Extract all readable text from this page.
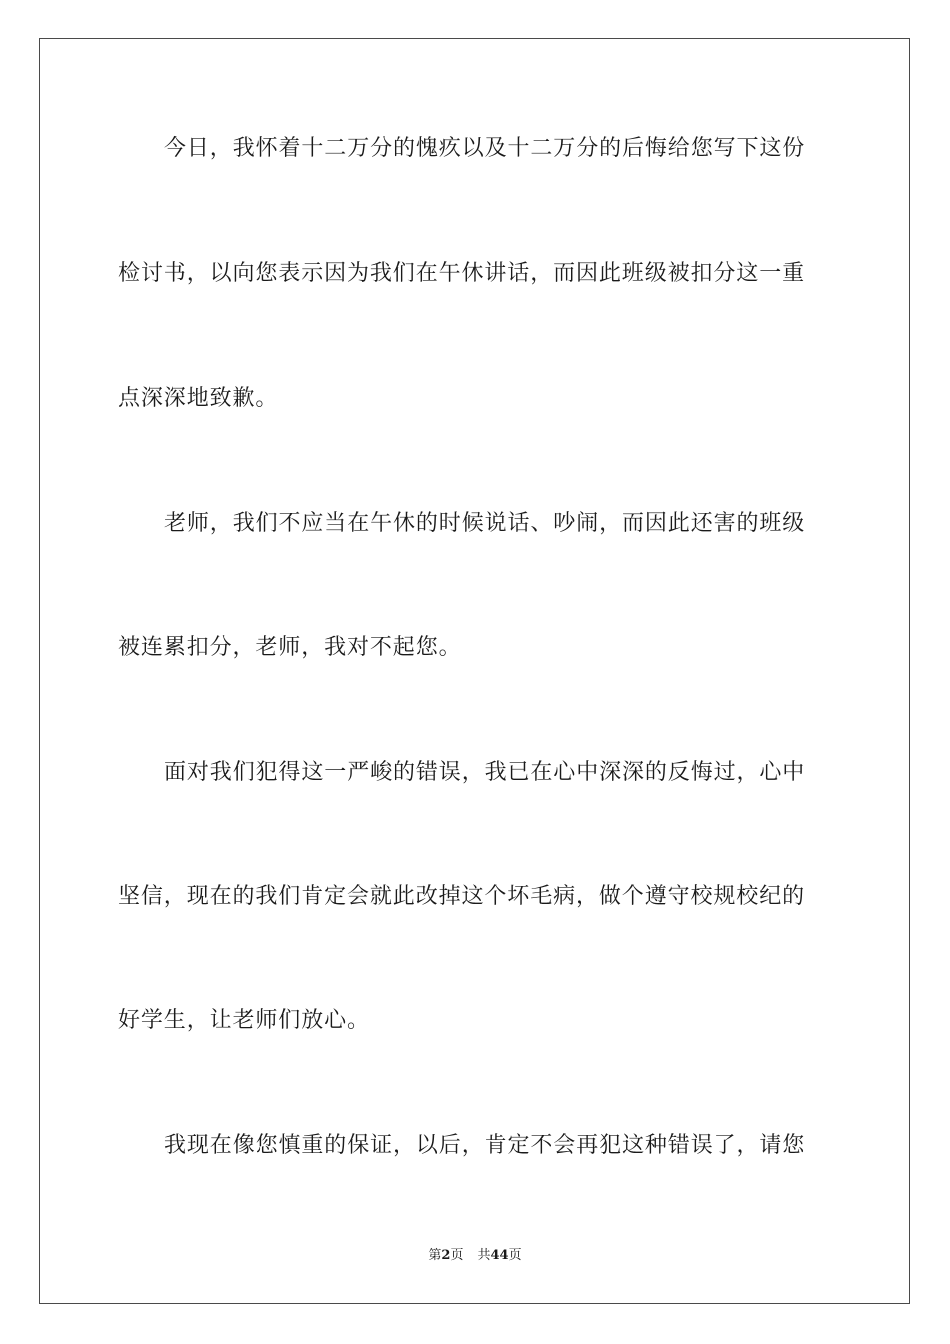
今日，我怀着十二万分的愧疚以及十二万分的后悔给您写下这份
检讨书，以向您表示因为我们在午休讲话，而因此班级被扣分这一重
点深深地致歉。
老师，我们不应当在午休的时候说话、吵闹，而因此还害的班级
被连累扣分，老师，我对不起您。
面对我们犯得这一严峻的错误，我已在心中深深的反悔过，心中
坚信，现在的我们肯定会就此改掉这个坏毛病，做个遵守校规校纪的
好学生，让老师们放心。
我现在像您慎重的保证，以后，肯定不会再犯这种错误了，请您
第2页 共44页
